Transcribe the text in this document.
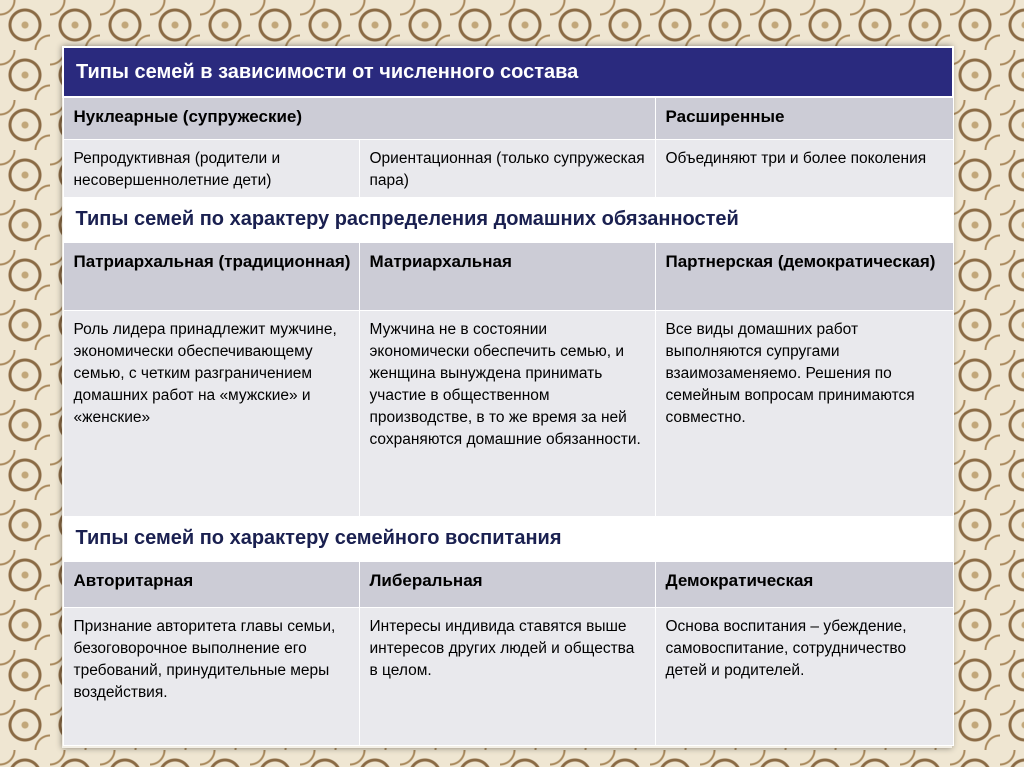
Типы семей в зависимости от численного состава		
Нуклеарные (супружеские)		Расширенные
Репродуктивная (родители и несовершеннолетние дети)	Ориентационная (только супружеская пара)	Объединяют три и более поколения
Типы семей по характеру распределения домашних обязанностей		
Патриархальная (традиционная)	Матриархальная	Партнерская (демократическая)
Роль лидера принадлежит мужчине, экономически обеспечивающему семью, с четким разграничением домашних работ на «мужские» и «женские»	Мужчина не в состоянии экономически обеспечить семью, и женщина вынуждена принимать участие в общественном производстве, в то же время за ней сохраняются домашние обязанности.	Все виды домашних работ выполняются супругами взаимозаменяемо. Решения по семейным вопросам принимаются совместно.
Типы семей по характеру семейного воспитания		
Авторитарная	Либеральная	Демократическая
Признание авторитета главы семьи, безоговорочное выполнение его требований, принудительные меры воздействия.	Интересы индивида ставятся выше интересов других людей и общества в целом.	Основа воспитания – убеждение, самовоспитание, сотрудничество детей и родителей.
